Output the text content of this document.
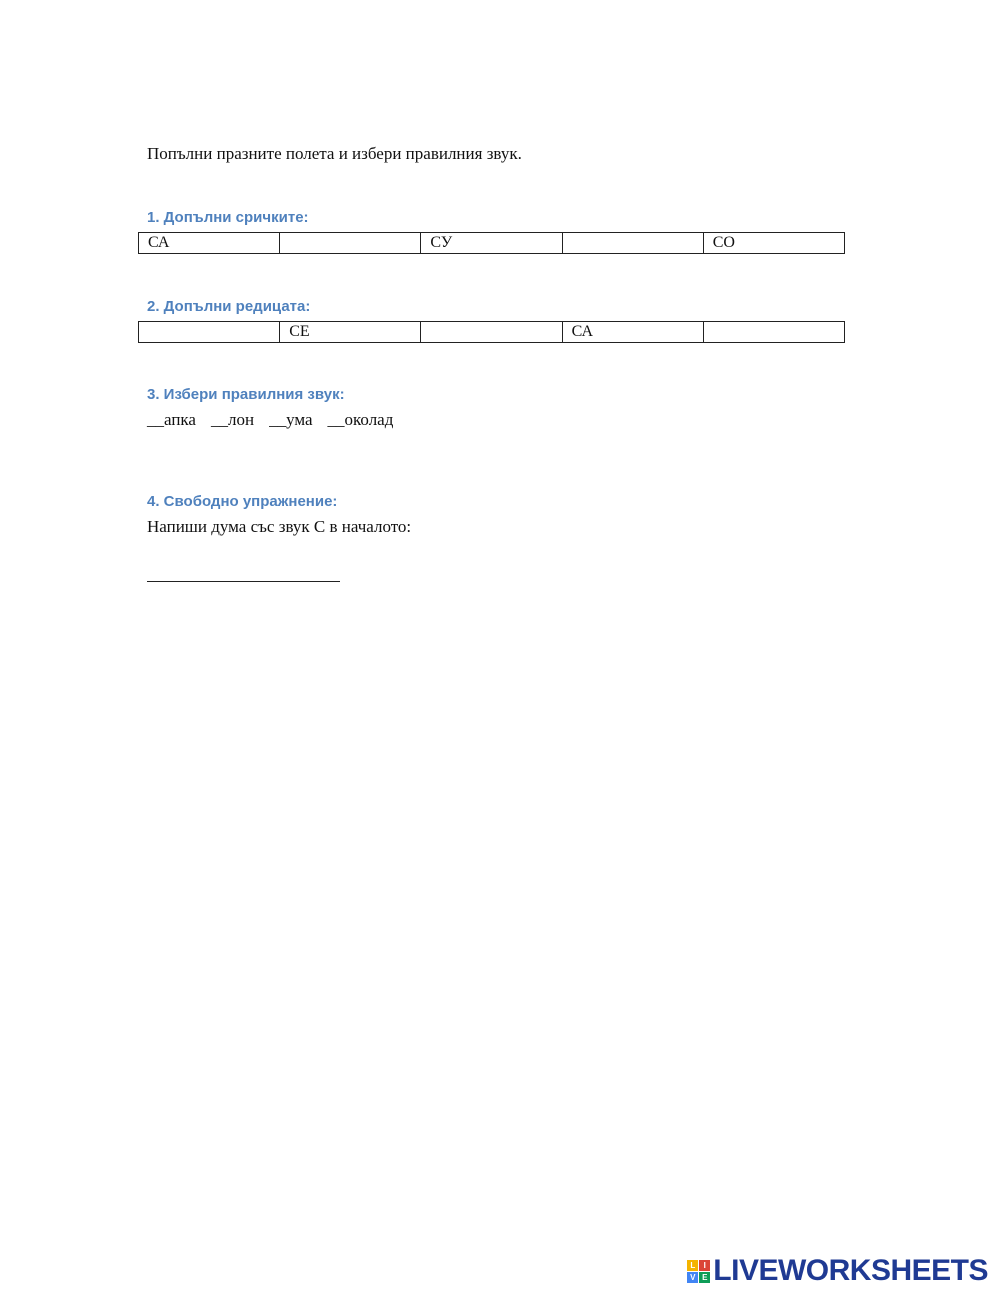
Попълни празните полета и избери правилния звук.
1. Допълни сричките:
СА		СУ		СО
2. Допълни редицата:
	СЕ		СА	
3. Избери правилния звук:
__апка __лон __ума __околад
4. Свободно упражнение:
Напиши дума със звук С в началото:
L	I
V E LIVEWORKSHEETS
